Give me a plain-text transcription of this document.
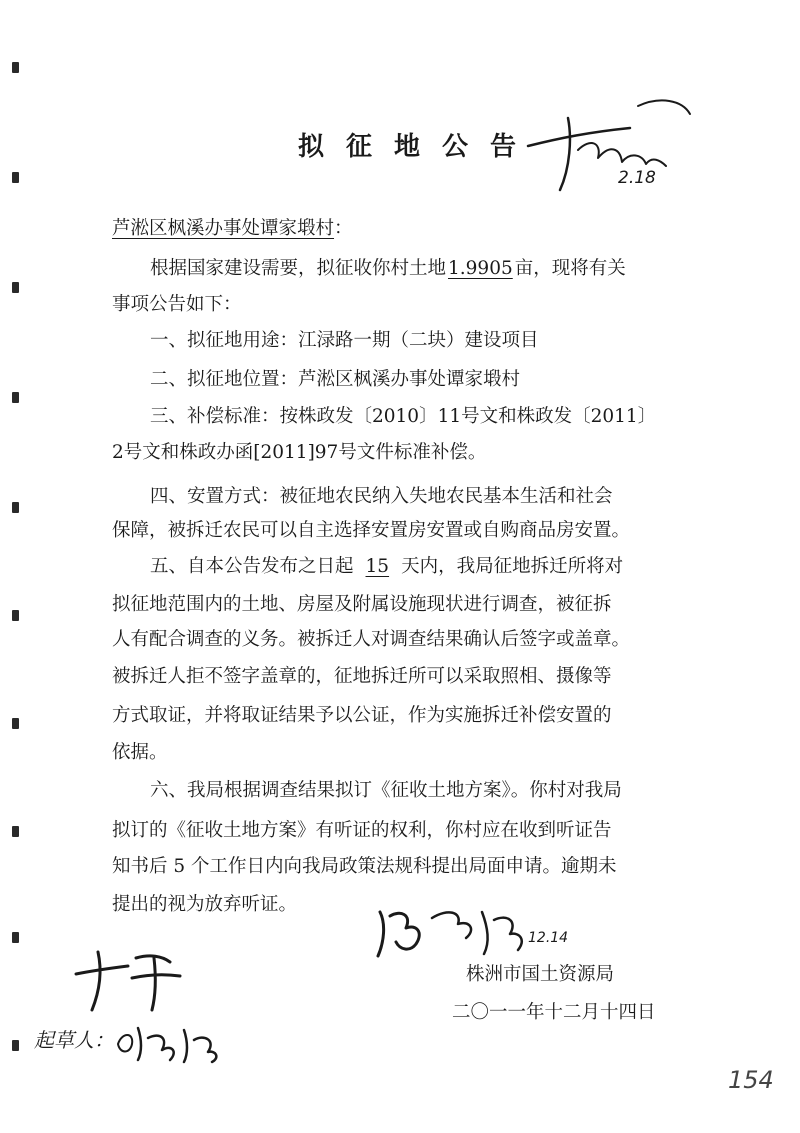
拟征地公告
2.18
芦淞区枫溪办事处谭家塅村：
根据国家建设需要，拟征收你村土地 1.9905 亩，现将有关
事项公告如下：
一、拟征地用途：江渌路一期（二块）建设项目
二、拟征地位置：芦淞区枫溪办事处谭家塅村
三、补偿标准：按株政发〔2010〕11号文和株政发〔2011〕
2号文和株政办函[2011]97号文件标准补偿。
四、安置方式：被征地农民纳入失地农民基本生活和社会
保障，被拆迁农民可以自主选择安置房安置或自购商品房安置。
五、自本公告发布之日起 15 天内，我局征地拆迁所将对
拟征地范围内的土地、房屋及附属设施现状进行调查，被征拆
人有配合调查的义务。被拆迁人对调查结果确认后签字或盖章。
被拆迁人拒不签字盖章的，征地拆迁所可以采取照相、摄像等
方式取证，并将取证结果予以公证，作为实施拆迁补偿安置的
依据。
六、我局根据调查结果拟订《征收土地方案》。你村对我局
拟订的《征收土地方案》有听证的权利，你村应在收到听证告
知书后 5 个工作日内向我局政策法规科提出局面申请。逾期未
提出的视为放弃听证。
12.14
株洲市国土资源局
二〇一一年十二月十四日
起草人：
154
